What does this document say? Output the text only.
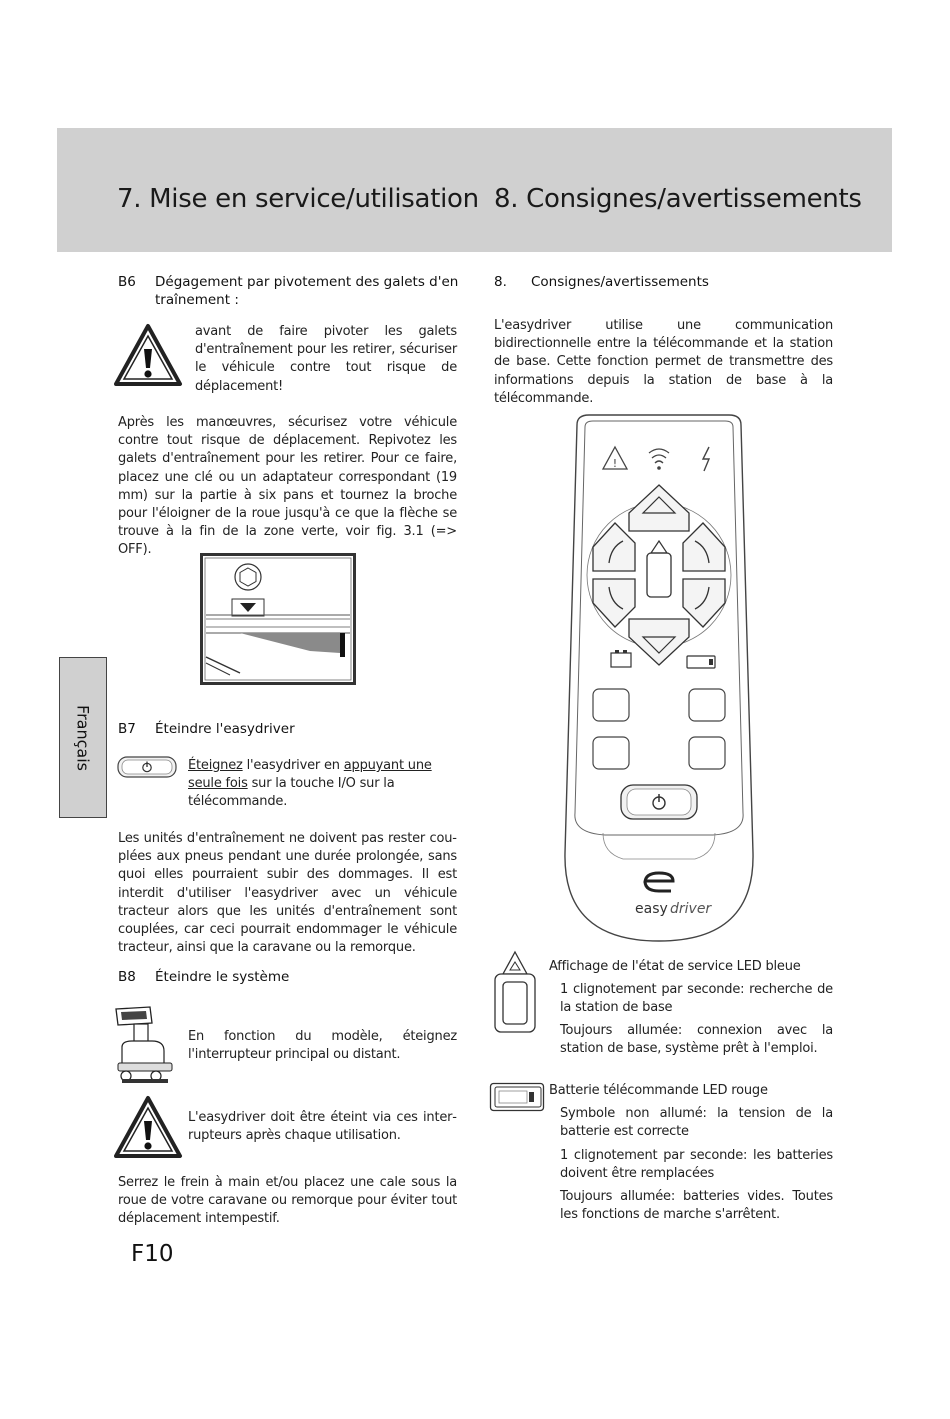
7. Mise en service/utilisation 8. Consignes/avertissements
Français
B6 Dégagement par pivotement des galets d'en
traînement :
avant de faire pivoter les galets d'entraînement pour les retirer, sécuriser le véhicule contre tout risque de déplacement!
Après les manœuvres, sécurisez votre véhicule contre tout risque de déplacement. Repivotez les galets d'entraînement pour les retirer. Pour ce faire, placez une clé ou un adaptateur correspondant (19 mm) sur la partie à six pans et tournez la broche pour l'éloigner de la roue jusqu'à ce que la flèche se trouve à la fin de la zone verte, voir fig. 3.1 (=> OFF).
B7 Éteindre l'easydriver
Éteignez l'easydriver en appuyant une seule fois sur la touche I/O sur la télécommande.
Les unités d'entraînement ne doivent pas rester couplées aux pneus pendant une durée prolongée, sans quoi elles pourraient subir des dommages. Il est interdit d'utiliser l'easydriver avec un véhicule tracteur alors que les unités d'entraînement sont couplées, car ceci pourrait endommager le véhicule tracteur, ainsi que la caravane ou la remorque.
B8 Éteindre le système
En fonction du modèle, éteignez l'interrupteur principal ou distant.
L'easydriver doit être éteint via ces interrupteurs après chaque utilisation.
Serrez le frein à main et/ou placez une cale sous la roue de votre caravane ou remorque pour éviter tout déplacement intempestif.
F10
8. Consignes/avertissements
L'easydriver utilise une communication bidirectionnelle entre la télécommande et la station de base. Cette fonction permet de transmettre des informations depuis la station de base à la télécommande.
!
easy driver
Affichage de l'état de service LED bleue
1 clignotement par seconde: recherche de la station de base
Toujours allumée: connexion avec la station de base, système prêt à l'emploi.
Batterie télécommande LED rouge
Symbole non allumé: la tension de la batterie est correcte
1 clignotement par seconde: les batteries doivent être remplacées
Toujours allumée: batteries vides. Toutes les fonctions de marche s'arrêtent.
